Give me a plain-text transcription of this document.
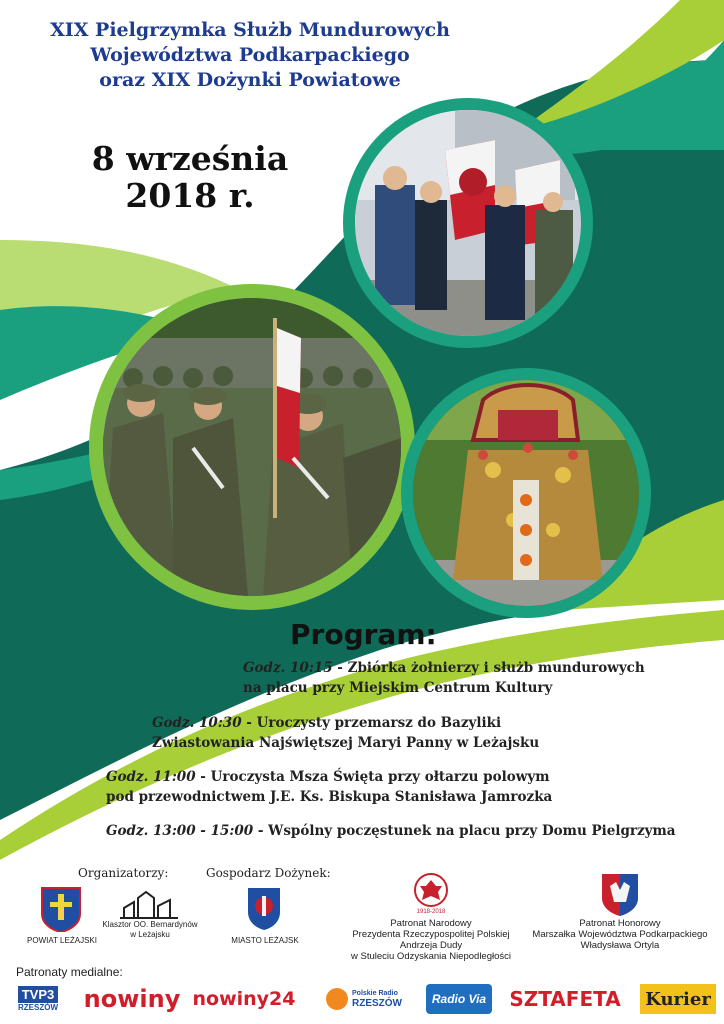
XIX Pielgrzymka Służb Mundurowych
Województwa Podkarpackiego
oraz XIX Dożynki Powiatowe
8 września
2018 r.
Program:
Godz. 10:15 - Zbiórka żołnierzy i służb mundurowych
na placu przy Miejskim Centrum Kultury
Godz. 10:30 - Uroczysty przemarsz do Bazyliki
Zwiastowania Najświętszej Maryi Panny w Leżajsku
Godz. 11:00 - Uroczysta Msza Święta przy ołtarzu polowym
pod przewodnictwem J.E. Ks. Biskupa Stanisława Jamrozka
Godz. 13:00 - 15:00 - Wspólny poczęstunek na placu przy Domu Pielgrzyma
Organizatorzy:	Gospodarz Dożynek:
POWIAT LEŻAJSKI
Klasztor OO. Bernardynów
w Leżajsku
MIASTO LEŻAJSK
1918-2018
Patronat Narodowy
Prezydenta Rzeczypospolitej Polskiej
Andrzeja Dudy
w Stuleciu Odzyskania Niepodległości
Patronat Honorowy
Marszałka Województwa Podkarpackiego
Władysława Ortyla
Patronaty medialne:
TVP3
RZESZÓW nowiny nowiny24	Polskie Radio
RZESZÓW	Radio Via SZTAFETA Kurier
